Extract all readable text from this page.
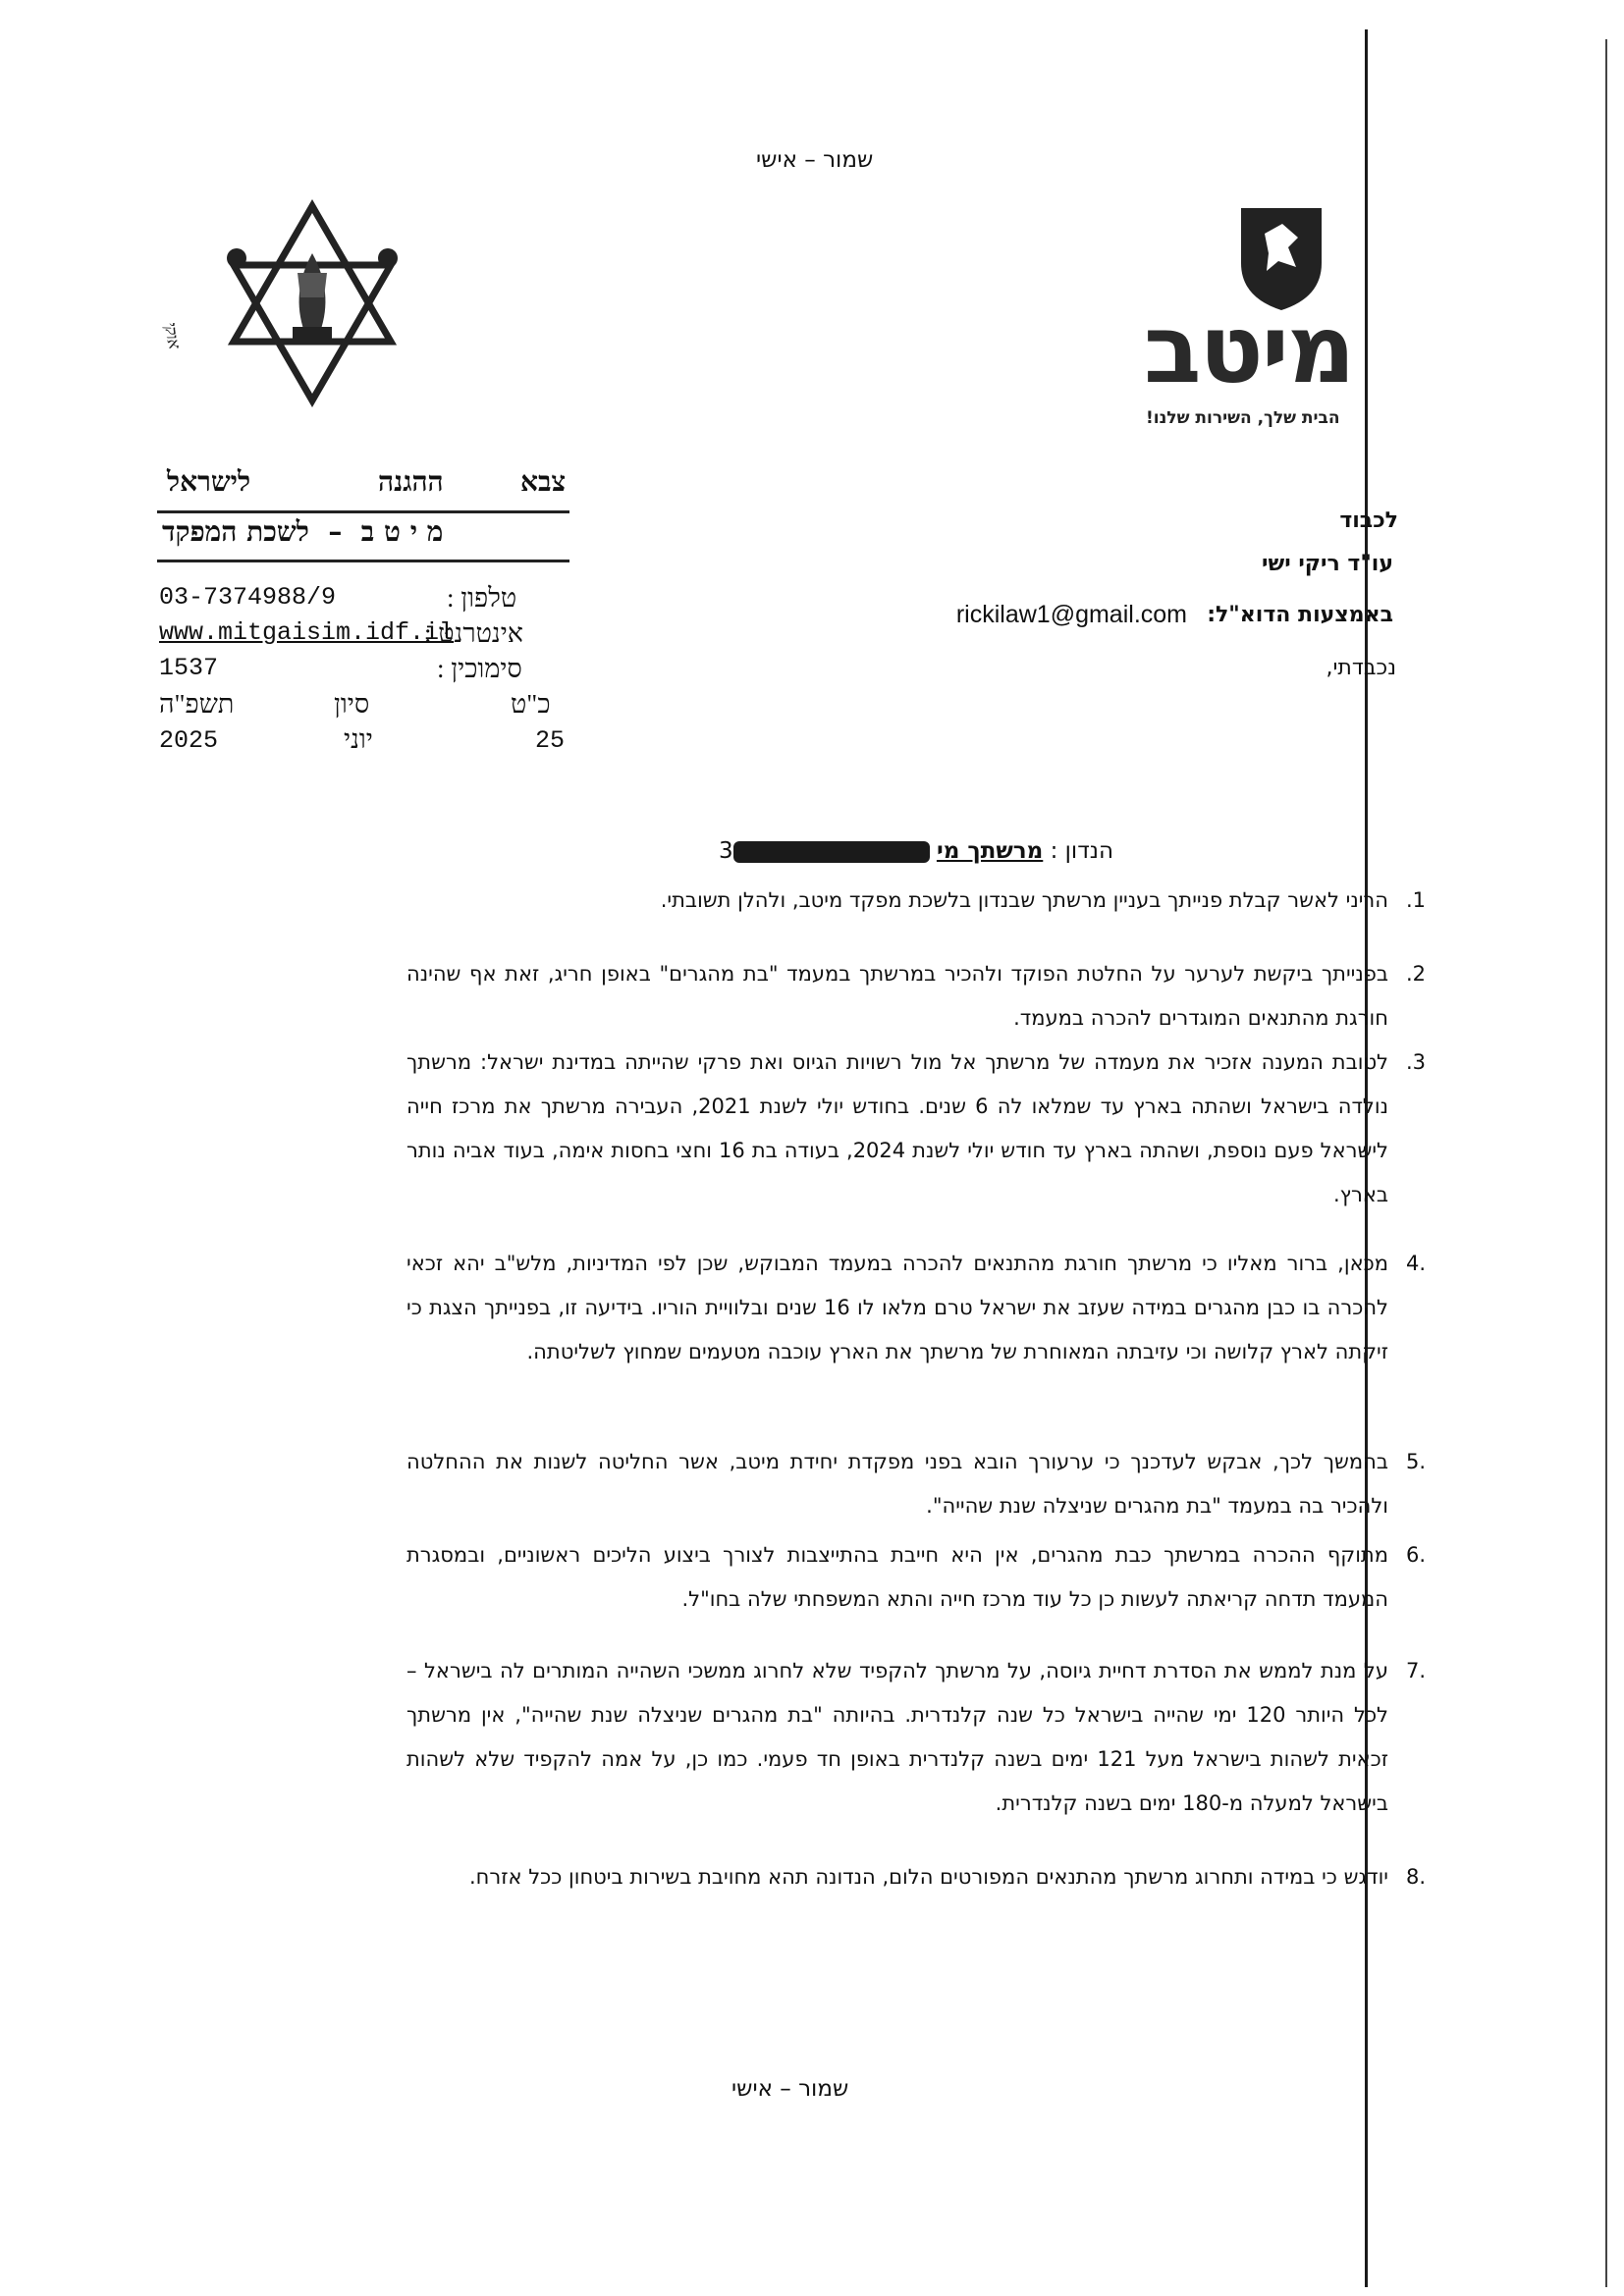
שמור – אישי
אוקי	מיטב
הבית שלך, השירות שלנו!
צבא
ההגנה
לישראל
מ י ט ב  –  לשכת המפקד
טלפון :
03-7374988/9
אינטרנט :
www.mitgaisim.idf.il
סימוכין :
1537
כ"ט
סיון
תשפ"ה
25
יוני
2025
לכבוד
עו"ד ריקי ישי
באמצעות הדוא"ל:
rickilaw1@gmail.com
נכבדתי,
הנדון : מרשתך מי 3
1.
הריני לאשר קבלת פנייתך בעניין מרשתך שבנדון בלשכת מפקד מיטב, ולהלן תשובתי.
2.
בפנייתך ביקשת לערער על החלטת הפוקד ולהכיר במרשתך במעמד "בת מהגרים" באופן חריג, זאת אף שהינה חורגת מהתנאים המוגדרים להכרה במעמד.
3.
לטובת המענה אזכיר את מעמדה של מרשתך אל מול רשויות הגיוס ואת פרקי שהייתה במדינת ישראל: מרשתך נולדה בישראל ושהתה בארץ עד שמלאו לה 6 שנים. בחודש יולי לשנת 2021, העבירה מרשתך את מרכז חייה לישראל פעם נוספת, ושהתה בארץ עד חודש יולי לשנת 2024, בעודה בת 16 וחצי בחסות אימה, בעוד אביה נותר בארץ.
.4
מכאן, ברור מאליו כי מרשתך חורגת מהתנאים להכרה במעמד המבוקש, שכן לפי המדיניות, מלש"ב יהא זכאי להכרה בו כבן מהגרים במידה שעזב את ישראל טרם מלאו לו 16 שנים ובלוויית הוריו. בידיעה זו, בפנייתך הצגת כי זיקתה לארץ קלושה וכי עזיבתה המאוחרת של מרשתך את הארץ עוכבה מטעמים שמחוץ לשליטתה.
.5
בהמשך לכך, אבקש לעדכנך כי ערעורך הובא בפני מפקדת יחידת מיטב, אשר החליטה לשנות את ההחלטה ולהכיר בה במעמד "בת מהגרים שניצלה שנת שהייה".
.6
מתוקף ההכרה במרשתך כבת מהגרים, אין היא חייבת בהתייצבות לצורך ביצוע הליכים ראשוניים, ובמסגרת המעמד תדחה קריאתה לעשות כן כל עוד מרכז חייה והתא המשפחתי שלה בחו"ל.
.7
על מנת לממש את הסדרת דחיית גיוסה, על מרשתך להקפיד שלא לחרוג ממשכי השהייה המותרים לה בישראל – לכל היותר 120 ימי שהייה בישראל כל שנה קלנדרית. בהיותה "בת מהגרים שניצלה שנת שהייה", אין מרשתך זכאית לשהות בישראל מעל 121 ימים בשנה קלנדרית באופן חד פעמי. כמו כן, על אמה להקפיד שלא לשהות בישראל למעלה מ-180 ימים בשנה קלנדרית.
.8
יודגש כי במידה ותחרוג מרשתך מהתנאים המפורטים הלום, הנדונה תהא מחויבת בשירות ביטחון ככל אזרח.
שמור – אישי
